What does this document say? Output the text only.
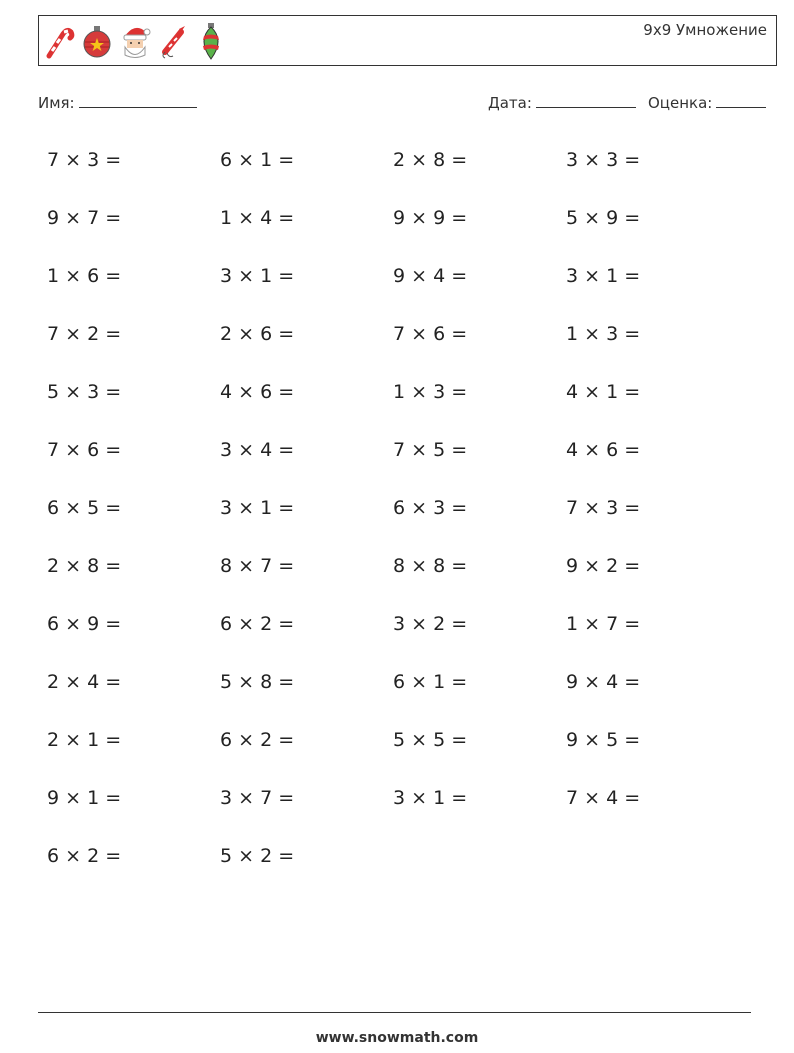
9x9 Умножение
Имя:	Дата:	Оценка:
7 × 3 =
9 × 7 =
1 × 6 =
7 × 2 =
5 × 3 =
7 × 6 =
6 × 5 =
2 × 8 =
6 × 9 =
2 × 4 =
2 × 1 =
9 × 1 =
6 × 2 =
6 × 1 =
1 × 4 =
3 × 1 =
2 × 6 =
4 × 6 =
3 × 4 =
3 × 1 =
8 × 7 =
6 × 2 =
5 × 8 =
6 × 2 =
3 × 7 =
5 × 2 =
2 × 8 =
9 × 9 =
9 × 4 =
7 × 6 =
1 × 3 =
7 × 5 =
6 × 3 =
8 × 8 =
3 × 2 =
6 × 1 =
5 × 5 =
3 × 1 =
3 × 3 =
5 × 9 =
3 × 1 =
1 × 3 =
4 × 1 =
4 × 6 =
7 × 3 =
9 × 2 =
1 × 7 =
9 × 4 =
9 × 5 =
7 × 4 =
www.snowmath.com
